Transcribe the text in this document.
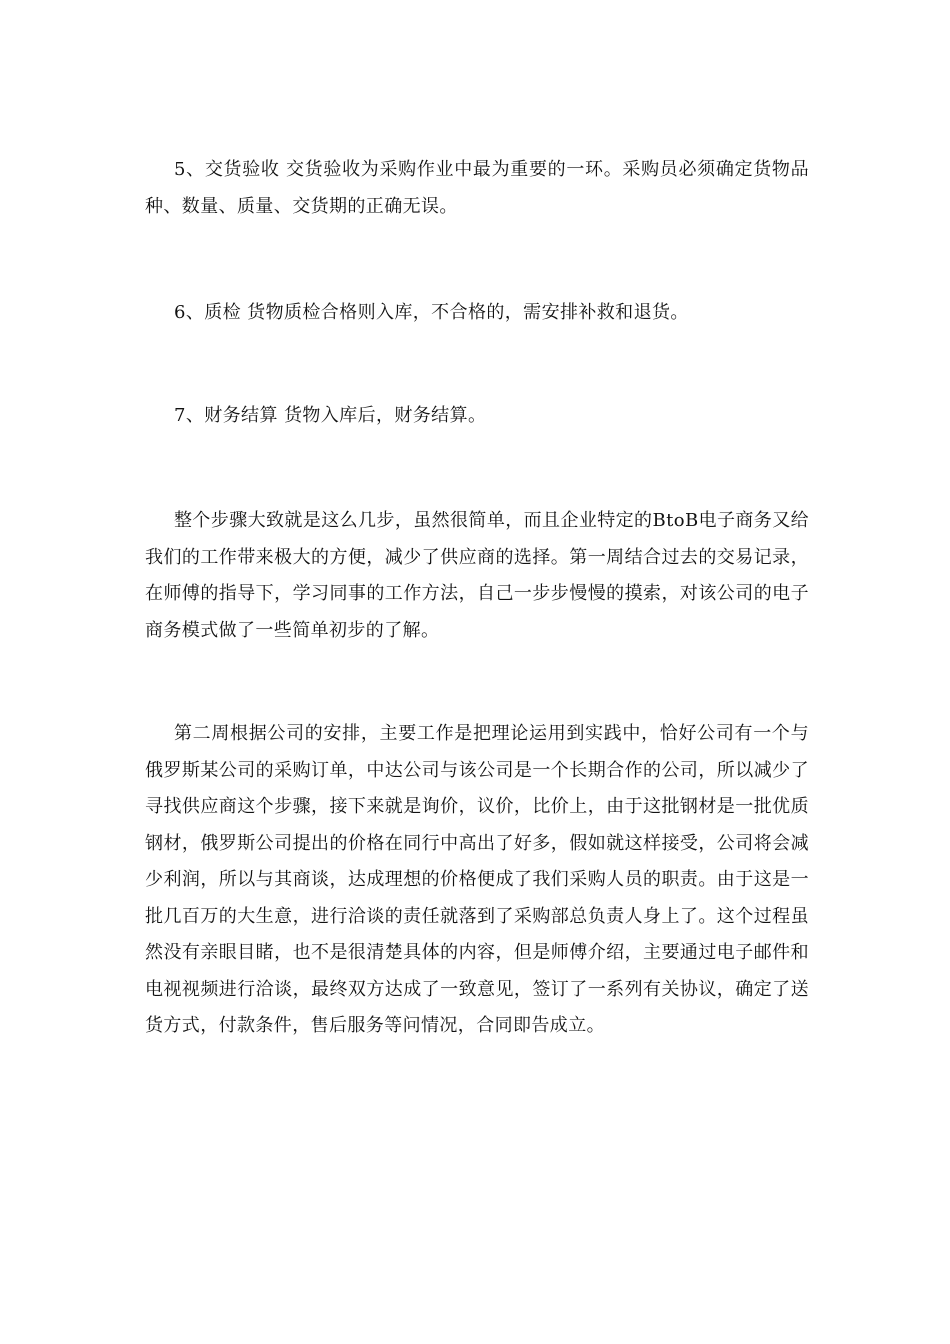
5、交货验收 交货验收为采购作业中最为重要的一环。采购员必须确定货物品种、数量、质量、交货期的正确无误。

6、质检 货物质检合格则入库，不合格的，需安排补救和退货。

7、财务结算 货物入库后，财务结算。

整个步骤大致就是这么几步，虽然很简单，而且企业特定的BtoB电子商务又给我们的工作带来极大的方便，减少了供应商的选择。第一周结合过去的交易记录，在师傅的指导下，学习同事的工作方法，自己一步步慢慢的摸索，对该公司的电子商务模式做了一些简单初步的了解。

第二周根据公司的安排，主要工作是把理论运用到实践中，恰好公司有一个与俄罗斯某公司的采购订单，中达公司与该公司是一个长期合作的公司，所以减少了寻找供应商这个步骤，接下来就是询价，议价，比价上，由于这批钢材是一批优质钢材，俄罗斯公司提出的价格在同行中高出了好多，假如就这样接受，公司将会减少利润，所以与其商谈，达成理想的价格便成了我们采购人员的职责。由于这是一批几百万的大生意，进行洽谈的责任就落到了采购部总负责人身上了。这个过程虽然没有亲眼目睹，也不是很清楚具体的内容，但是师傅介绍，主要通过电子邮件和电视视频进行洽谈，最终双方达成了一致意见，签订了一系列有关协议，确定了送货方式，付款条件，售后服务等问情况，合同即告成立。
